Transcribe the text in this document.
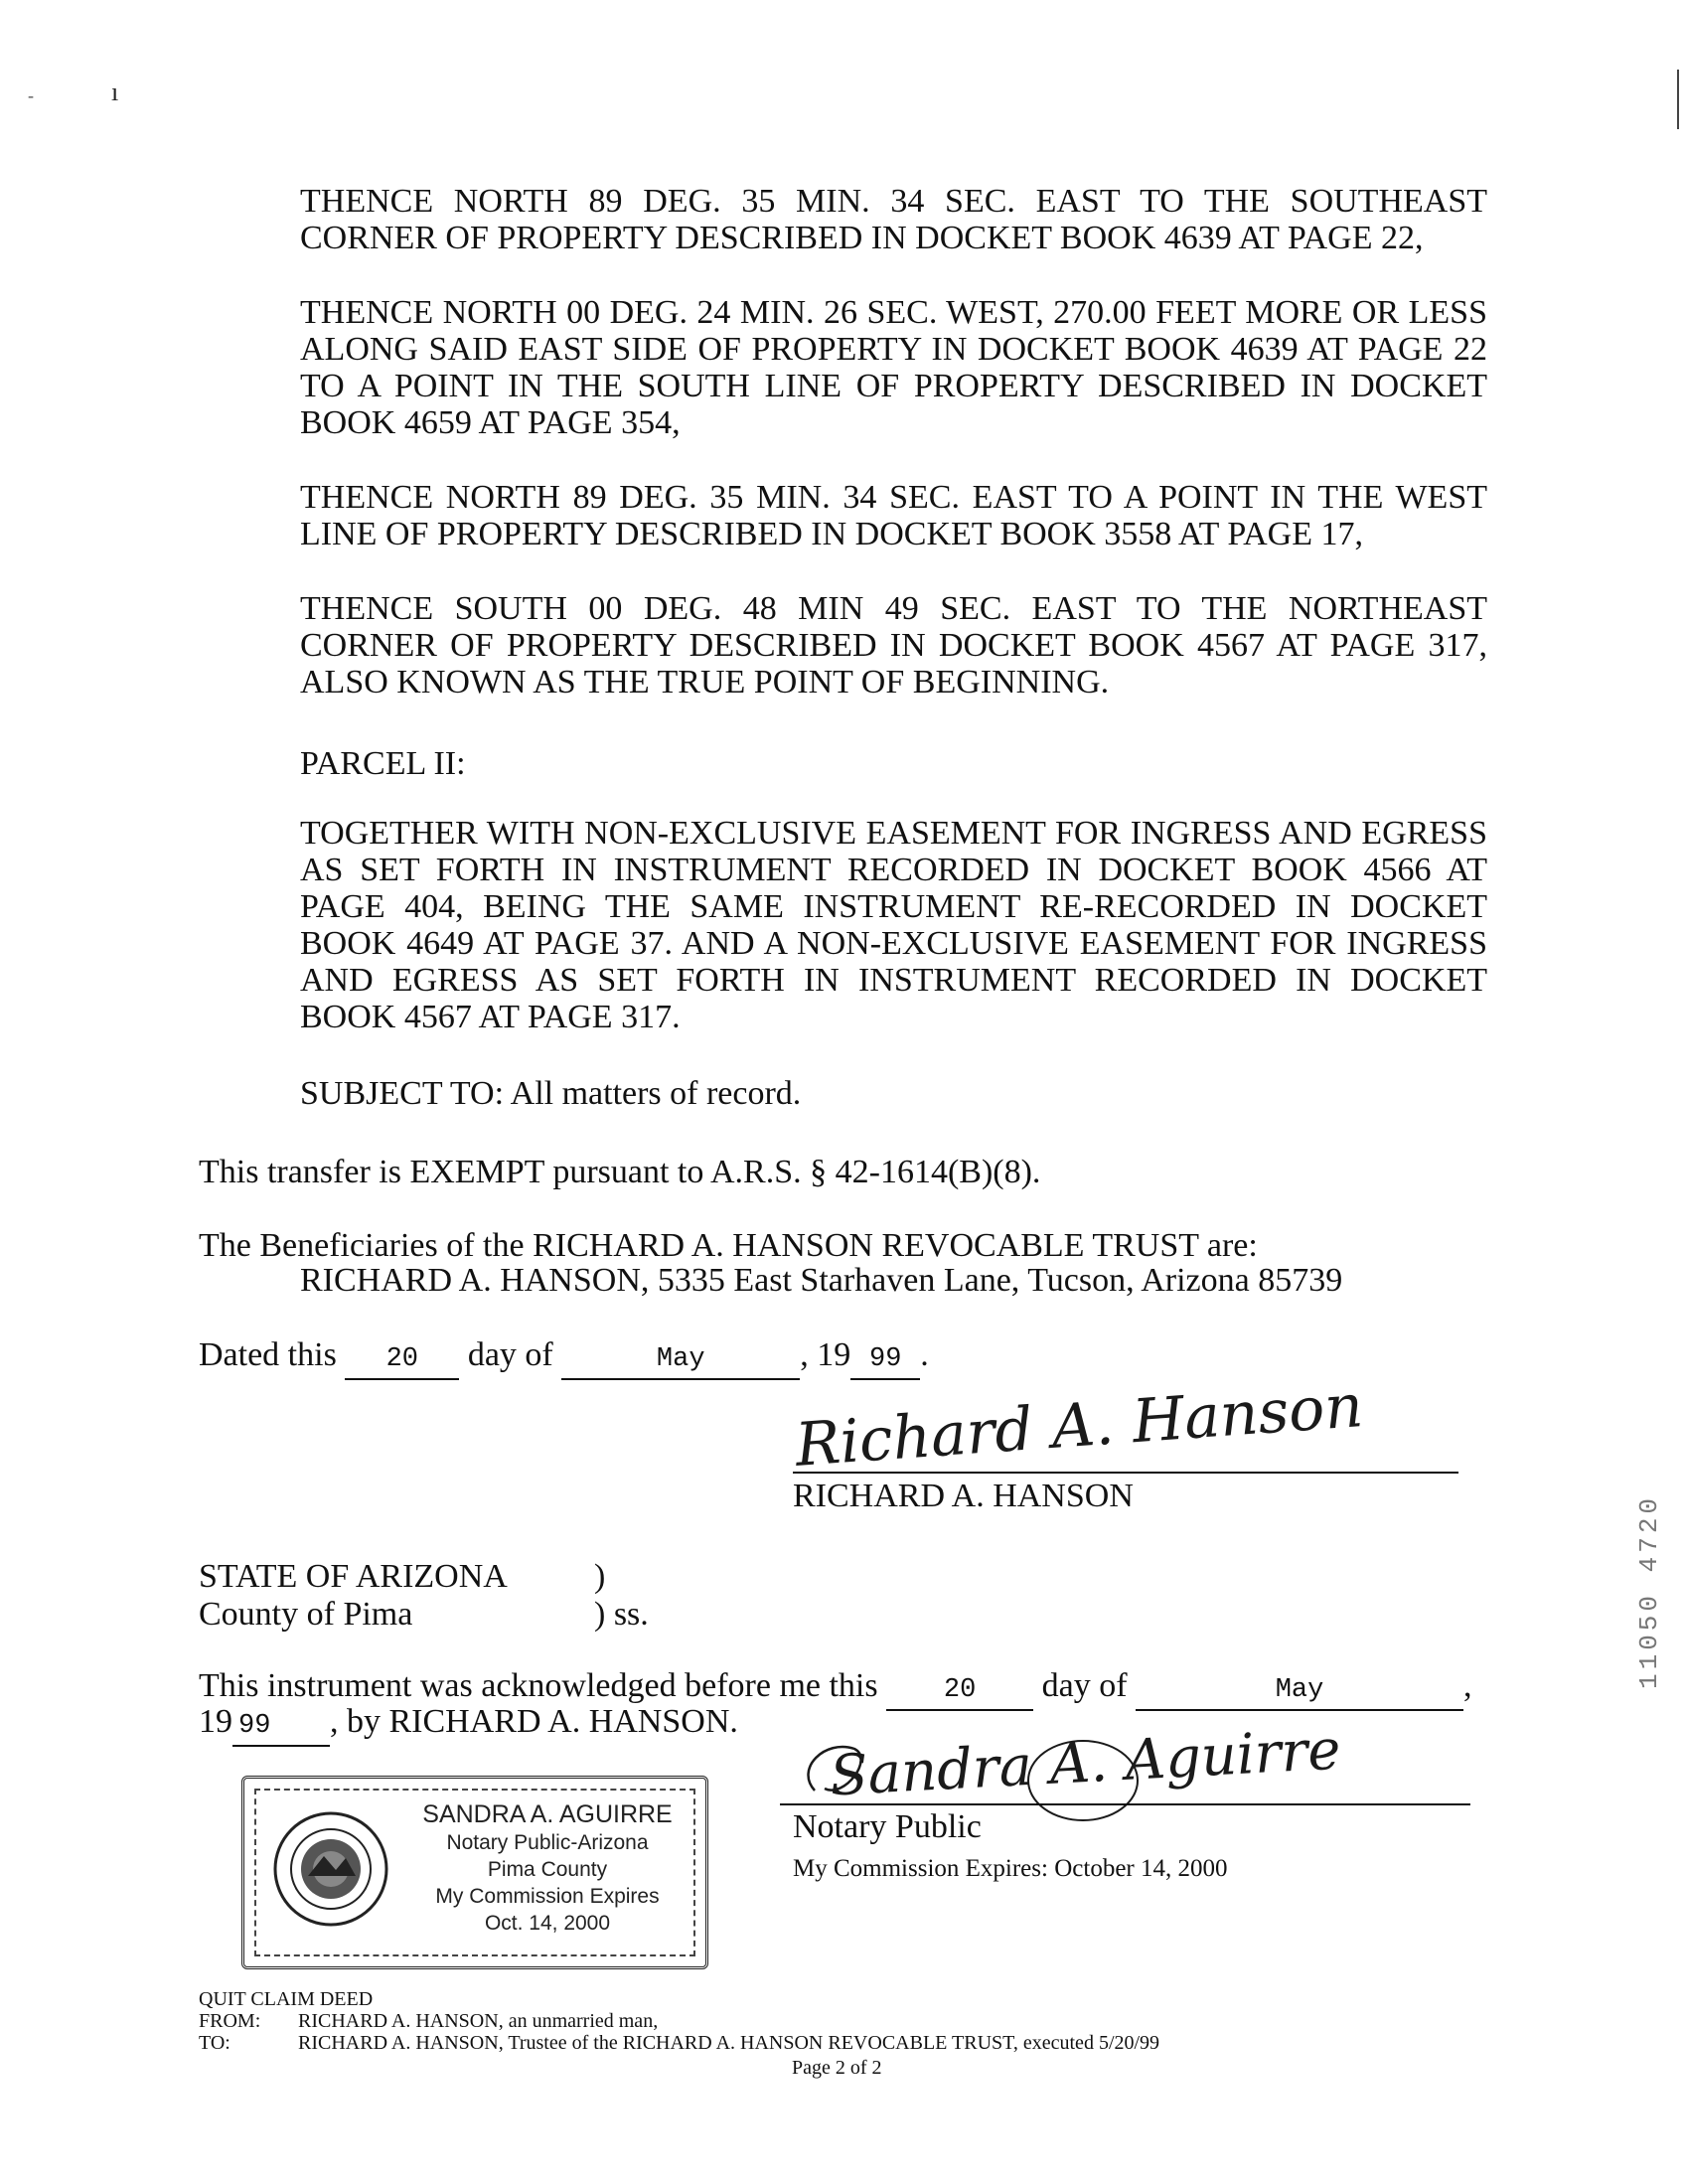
-	ı
THENCE NORTH 89 DEG. 35 MIN. 34 SEC. EAST TO THE SOUTHEAST CORNER OF PROPERTY DESCRIBED IN DOCKET BOOK 4639 AT PAGE 22,
THENCE NORTH 00 DEG. 24 MIN. 26 SEC. WEST, 270.00 FEET MORE OR LESS ALONG SAID EAST SIDE OF PROPERTY IN DOCKET BOOK 4639 AT PAGE 22 TO A POINT IN THE SOUTH LINE OF PROPERTY DESCRIBED IN DOCKET BOOK 4659 AT PAGE 354,
THENCE NORTH 89 DEG. 35 MIN. 34 SEC. EAST TO A POINT IN THE WEST LINE OF PROPERTY DESCRIBED IN DOCKET BOOK 3558 AT PAGE 17,
THENCE SOUTH 00 DEG. 48 MIN 49 SEC. EAST TO THE NORTHEAST CORNER OF PROPERTY DESCRIBED IN DOCKET BOOK 4567 AT PAGE 317, ALSO KNOWN AS THE TRUE POINT OF BEGINNING.
PARCEL II:
TOGETHER WITH NON-EXCLUSIVE EASEMENT FOR INGRESS AND EGRESS AS SET FORTH IN INSTRUMENT RECORDED IN DOCKET BOOK 4566 AT PAGE 404, BEING THE SAME INSTRUMENT RE-RECORDED IN DOCKET BOOK 4649 AT PAGE 37. AND A NON-EXCLUSIVE EASEMENT FOR INGRESS AND EGRESS AS SET FORTH IN INSTRUMENT RECORDED IN DOCKET BOOK 4567 AT PAGE 317.
SUBJECT TO: All matters of record.
This transfer is EXEMPT pursuant to A.R.S. § 42-1614(B)(8).
The Beneficiaries of the RICHARD A. HANSON REVOCABLE TRUST are:
RICHARD A. HANSON, 5335 East Starhaven Lane, Tucson, Arizona 85739
Dated this 20 day of	May	, 19 99 .
Richard A. Hanson
RICHARD A. HANSON
STATE OF ARIZONA	)
County of Pima	) ss.
This instrument was acknowledged before me this 20 day of	May	,
19 99 , by RICHARD A. HANSON. Sandra A. Aguirre
Notary Public
My Commission Expires: October 14, 2000
SANDRA A. AGUIRRE
Notary Public-Arizona
Pima County
My Commission Expires
Oct. 14, 2000
QUIT CLAIM DEED
FROM: RICHARD A. HANSON, an unmarried man,
TO:	RICHARD A. HANSON, Trustee of the RICHARD A. HANSON REVOCABLE TRUST, executed 5/20/99
Page 2 of 2
11050 4720
